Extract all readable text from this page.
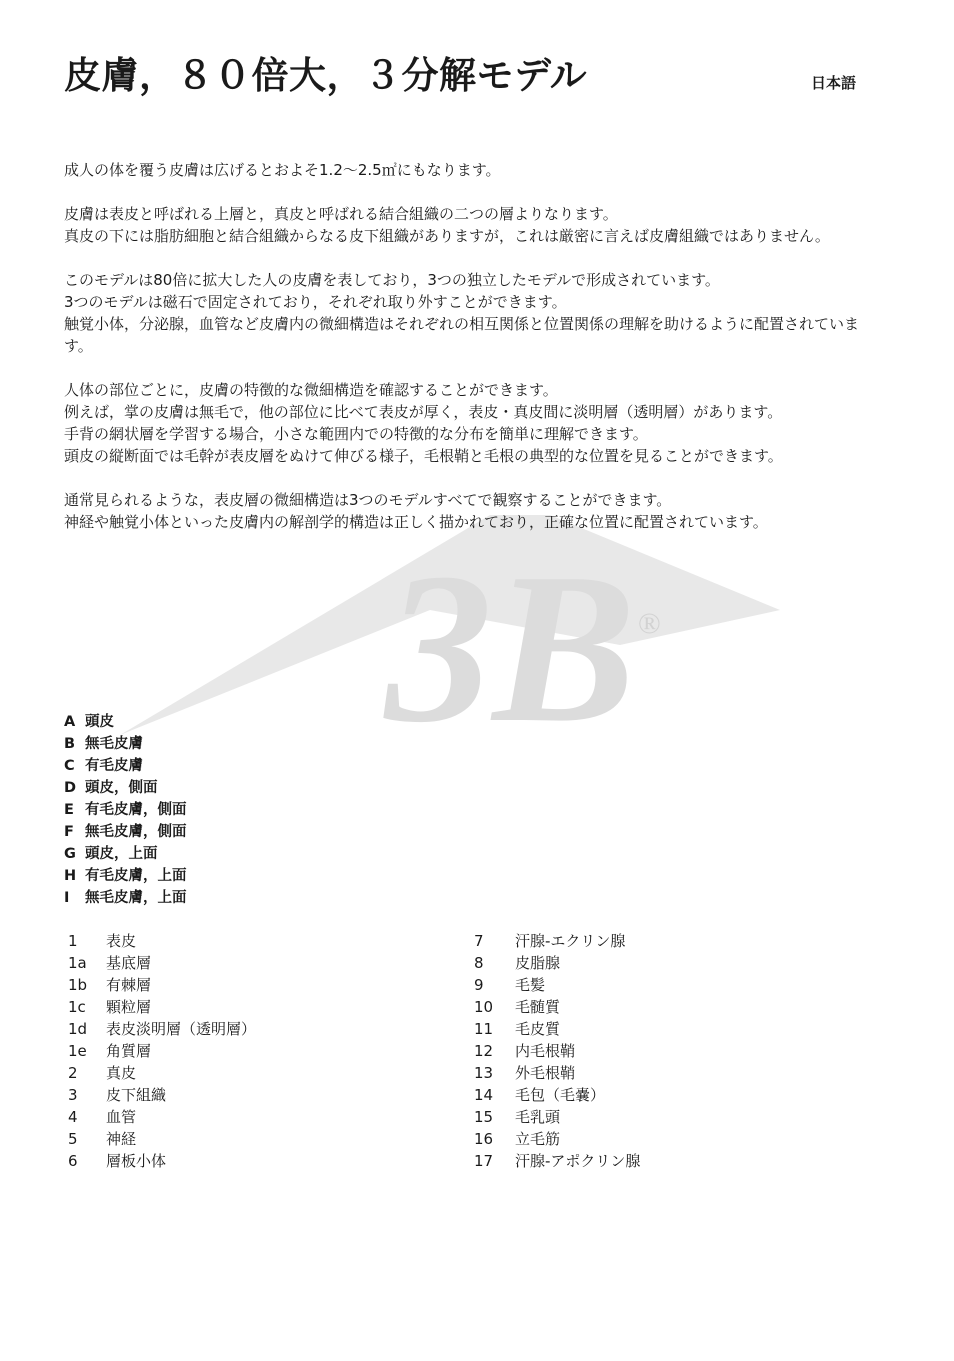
3B ®
皮膚，８０倍大，３分解モデル	日本語

成人の体を覆う皮膚は広げるとおよそ1.2〜2.5㎡にもなります。

皮膚は表皮と呼ばれる上層と，真皮と呼ばれる結合組織の二つの層よりなります。
真皮の下には脂肪細胞と結合組織からなる皮下組織がありますが，これは厳密に言えば皮膚組織ではありません。

このモデルは80倍に拡大した人の皮膚を表しており，3つの独立したモデルで形成されています。
3つのモデルは磁石で固定されており，それぞれ取り外すことができます。
触覚小体，分泌腺，血管など皮膚内の微細構造はそれぞれの相互関係と位置関係の理解を助けるように配置されています。

人体の部位ごとに，皮膚の特徴的な微細構造を確認することができます。
例えば，掌の皮膚は無毛で，他の部位に比べて表皮が厚く，表皮・真皮間に淡明層（透明層）があります。
手背の網状層を学習する場合，小さな範囲内での特徴的な分布を簡単に理解できます。
頭皮の縦断面では毛幹が表皮層をぬけて伸びる様子，毛根鞘と毛根の典型的な位置を見ることができます。

通常見られるような，表皮層の微細構造は3つのモデルすべてで観察することができます。
神経や触覚小体といった皮膚内の解剖学的構造は正しく描かれており，正確な位置に配置されています。

A 頭皮
B 無毛皮膚
C 有毛皮膚
D 頭皮，側面
E 有毛皮膚，側面
F 無毛皮膚，側面
G 頭皮，上面
H 有毛皮膚，上面
I	無毛皮膚，上面
1	表皮
1a	基底層
1b	有棘層
1c	顆粒層
1d	表皮淡明層（透明層）
1e	角質層
2	真皮
3	皮下組織
4	血管
5	神経
6	層板小体
7	汗腺-エクリン腺
8	皮脂腺
9	毛髪
10	毛髄質
11	毛皮質
12	内毛根鞘
13	外毛根鞘
14	毛包（毛嚢）
15	毛乳頭
16	立毛筋
17	汗腺-アポクリン腺
